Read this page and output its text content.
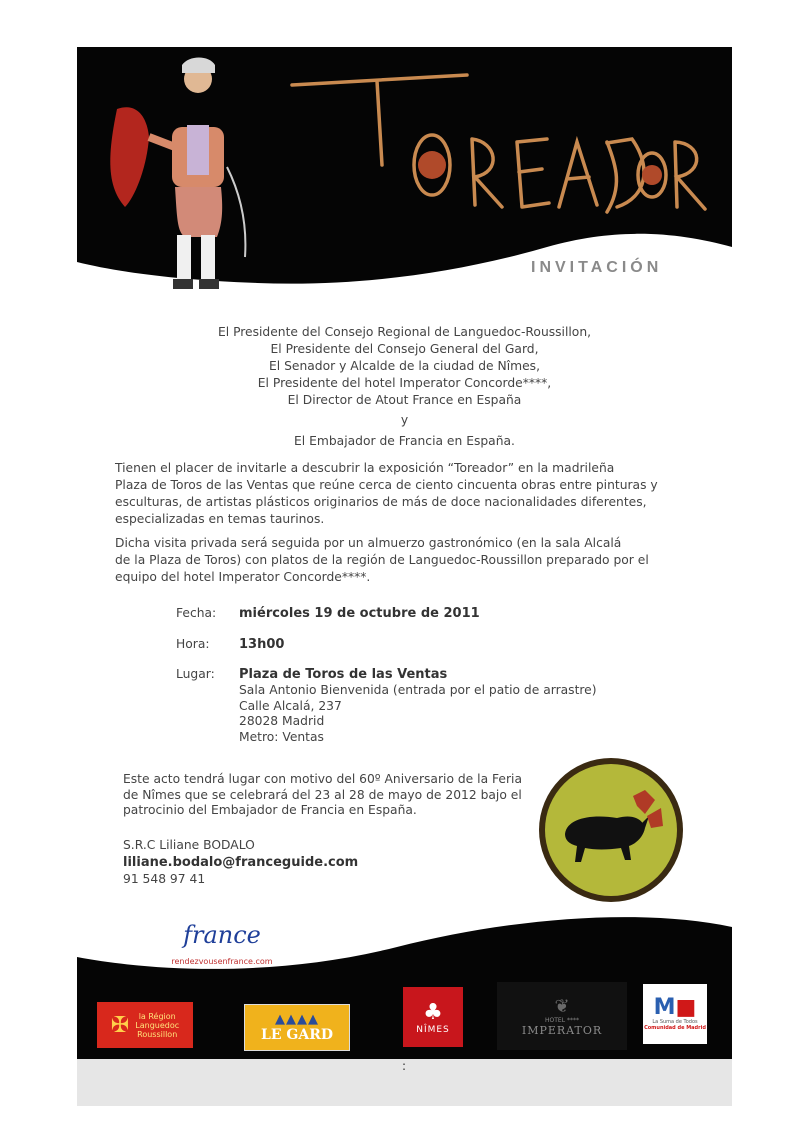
INVITACIÓN
El Presidente del Consejo Regional de Languedoc-Roussillon,
El Presidente del Consejo General del Gard,
El Senador y Alcalde de la ciudad de Nîmes,
El Presidente del hotel Imperator Concorde****,
El Director de Atout France en España
y
El Embajador de Francia en España.
Tienen el placer de invitarle a descubrir la exposición “Toreador” en la madrileña
Plaza de Toros de las Ventas que reúne cerca de ciento cincuenta obras entre pinturas y
esculturas, de artistas plásticos originarios de más de doce nacionalidades diferentes,
especializadas en temas taurinos.
Dicha visita privada será seguida por un almuerzo gastronómico (en la sala Alcalá
de la Plaza de Toros) con platos de la región de Languedoc-Roussillon preparado por el
equipo del hotel Imperator Concorde****.
Fecha: miércoles 19 de octubre de 2011
Hora: 13h00
Lugar: Plaza de Toros de las Ventas
Sala Antonio Bienvenida (entrada por el patio de arrastre)
Calle Alcalá, 237
28028 Madrid
Metro: Ventas
Este acto tendrá lugar con motivo del 60º Aniversario de la Feria
de Nîmes que se celebrará del 23 al 28 de mayo de 2012 bajo el
patrocinio del Embajador de Francia en España.
S.R.C Liliane BODALO
liliane.bodalo@franceguide.com
91 548 97 41
france
rendezvousenfrance.com
✠	la Région
Languedoc
Roussillon
▲▲▲▲
LE GARD
♣
NÎMES
❦
HOTEL ****
IMPERATOR
M■
La Suma de Todos
Comunidad de Madrid
:
